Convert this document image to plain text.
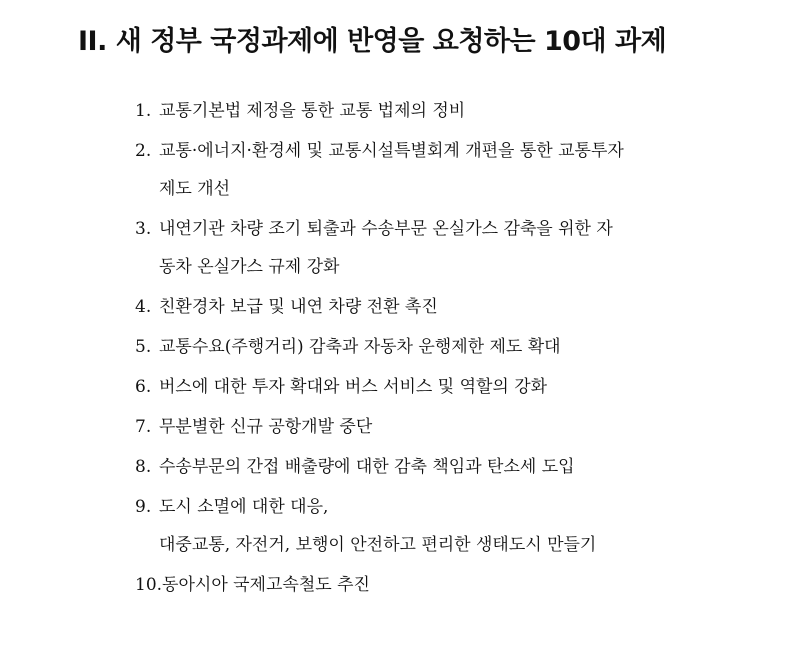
II. 새 정부 국정과제에 반영을 요청하는 10대 과제
1. 교통기본법 제정을 통한 교통 법제의 정비
2. 교통·에너지·환경세 및 교통시설특별회계 개편을 통한 교통투자
제도 개선
3. 내연기관 차량 조기 퇴출과 수송부문 온실가스 감축을 위한 자
동차 온실가스 규제 강화
4. 친환경차 보급 및 내연 차량 전환 촉진
5. 교통수요(주행거리) 감축과 자동차 운행제한 제도 확대
6. 버스에 대한 투자 확대와 버스 서비스 및 역할의 강화
7. 무분별한 신규 공항개발 중단
8. 수송부문의 간접 배출량에 대한 감축 책임과 탄소세 도입
9. 도시 소멸에 대한 대응,
대중교통, 자전거, 보행이 안전하고 편리한 생태도시 만들기
10.동아시아 국제고속철도 추진
